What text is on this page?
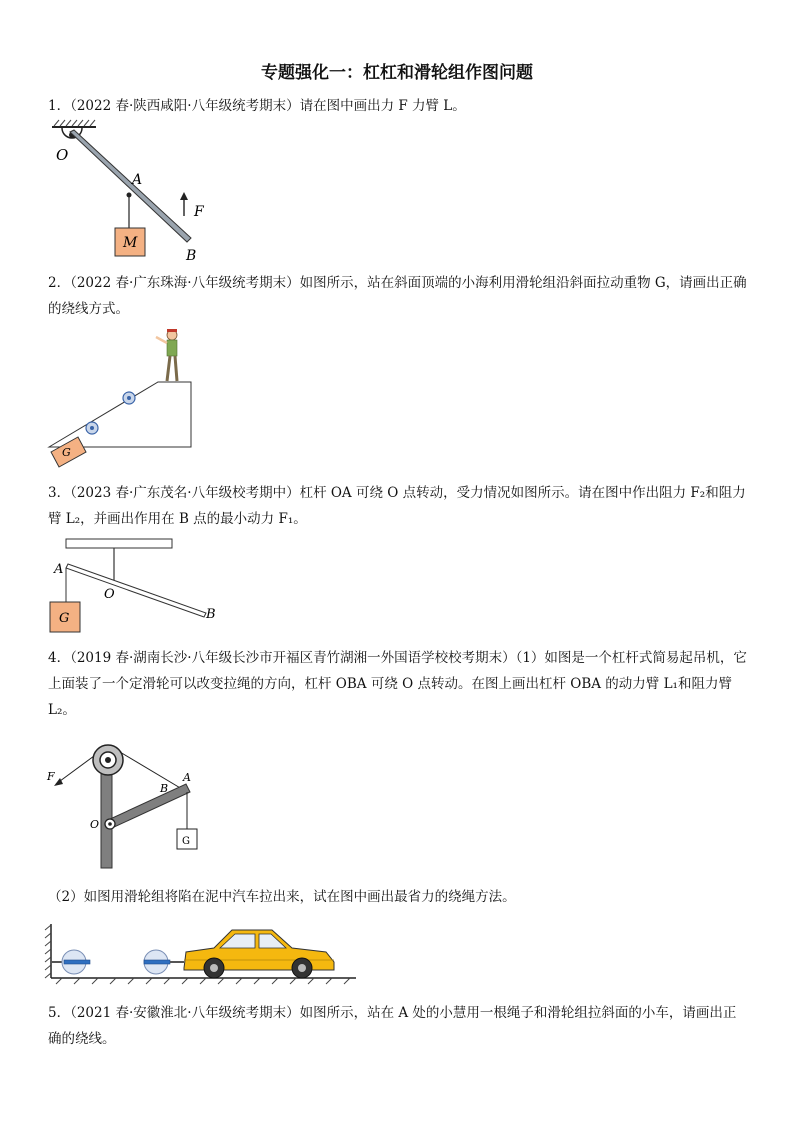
专题强化一：杠杠和滑轮组作图问题
1．（2022 春·陕西咸阳·八年级统考期末）请在图中画出力 F 力臂 L。
O
A
F
M
B
2．（2022 春·广东珠海·八年级统考期末）如图所示，站在斜面顶端的小海利用滑轮组沿斜面拉动重物 G，请画出正确的绕线方式。
G
3．（2023 春·广东茂名·八年级校考期中）杠杆 OA 可绕 O 点转动，受力情况如图所示。请在图中作出阻力 F₂和阻力臂 L₂，并画出作用在 B 点的最小动力 F₁。
A
O
B
G
4．（2019 春·湖南长沙·八年级长沙市开福区青竹湖湘一外国语学校校考期末）（1）如图是一个杠杆式简易起吊机，它上面装了一个定滑轮可以改变拉绳的方向，杠杆 OBA 可绕 O 点转动。在图上画出杠杆 OBA 的动力臂 L₁和阻力臂 L₂。
F	A
B
O
G
（2）如图用滑轮组将陷在泥中汽车拉出来，试在图中画出最省力的绕绳方法。
5．（2021 春·安徽淮北·八年级统考期末）如图所示，站在 A 处的小慧用一根绳子和滑轮组拉斜面的小车，请画出正确的绕线。
